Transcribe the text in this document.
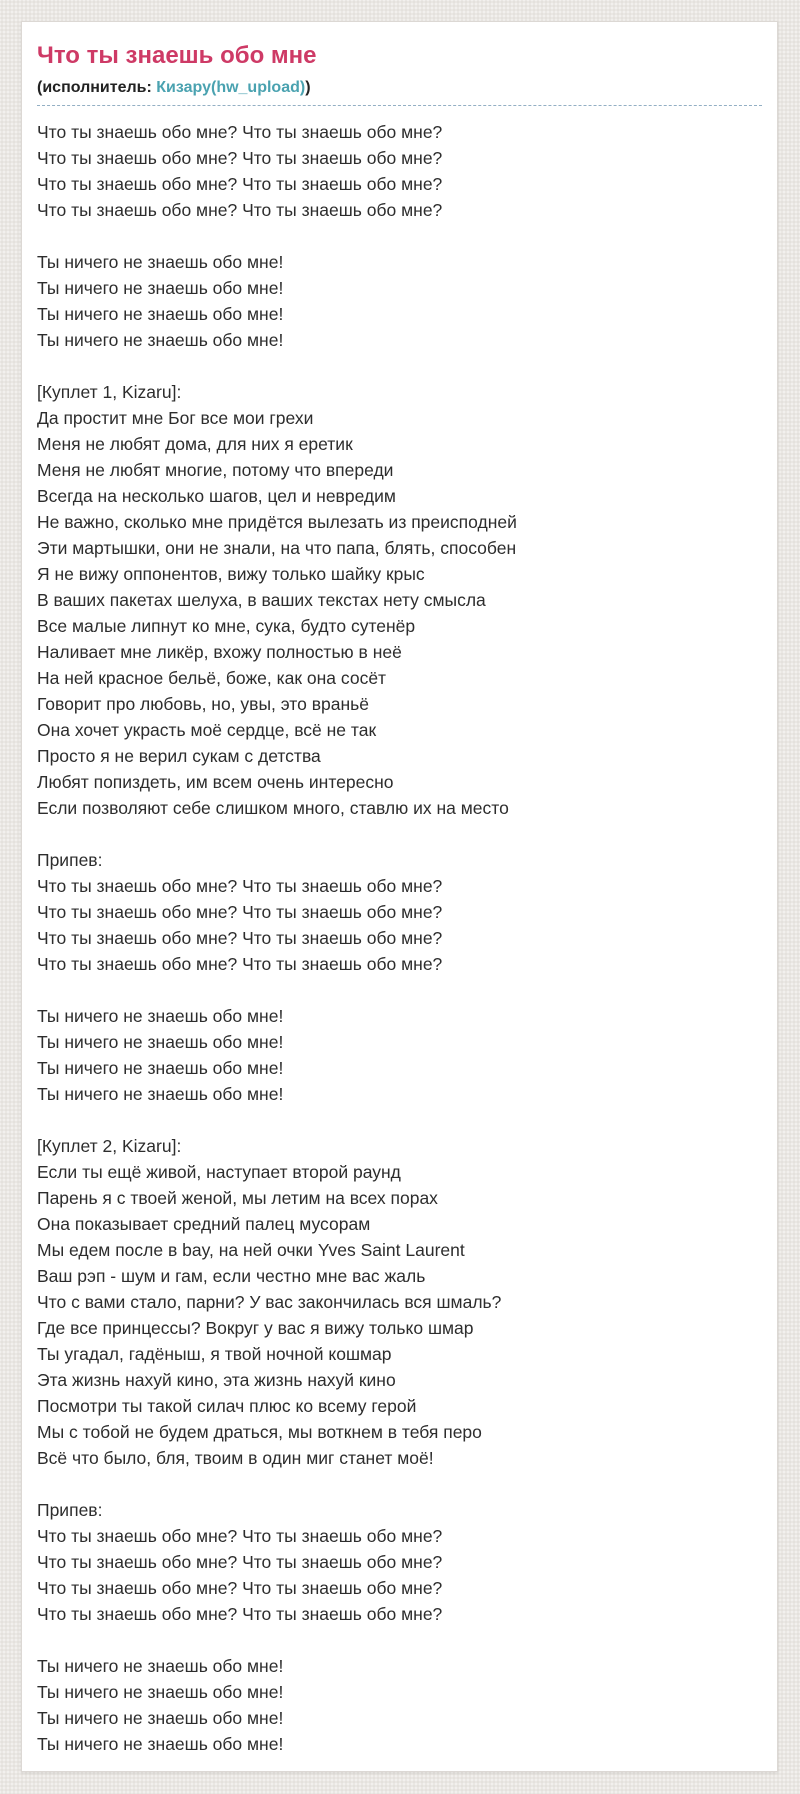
Что ты знаешь обо мне
(исполнитель: Кизару(hw_upload))
Что ты знаешь обо мне? Что ты знаешь обо мне?
Что ты знаешь обо мне? Что ты знаешь обо мне?
Что ты знаешь обо мне? Что ты знаешь обо мне?
Что ты знаешь обо мне? Что ты знаешь обо мне?
Ты ничего не знаешь обо мне!
Ты ничего не знаешь обо мне!
Ты ничего не знаешь обо мне!
Ты ничего не знаешь обо мне!
[Куплет 1, Kizaru]:
Да простит мне Бог все мои грехи
Меня не любят дома, для них я еретик
Меня не любят многие, потому что впереди
Всегда на несколько шагов, цел и невредим
Не важно, сколько мне придётся вылезать из преисподней
Эти мартышки, они не знали, на что папа, блять, способен
Я не вижу оппонентов, вижу только шайку крыс
В ваших пакетах шелуха, в ваших текстах нету смысла
Все малые липнут ко мне, сука, будто сутенёр
Наливает мне ликёр, вхожу полностью в неё
На ней красное бельё, боже, как она сосёт
Говорит про любовь, но, увы, это враньё
Она хочет украсть моё сердце, всё не так
Просто я не верил сукам с детства
Любят попиздеть, им всем очень интересно
Если позволяют себе слишком много, ставлю их на место
Припев:
Что ты знаешь обо мне? Что ты знаешь обо мне?
Что ты знаешь обо мне? Что ты знаешь обо мне?
Что ты знаешь обо мне? Что ты знаешь обо мне?
Что ты знаешь обо мне? Что ты знаешь обо мне?
Ты ничего не знаешь обо мне!
Ты ничего не знаешь обо мне!
Ты ничего не знаешь обо мне!
Ты ничего не знаешь обо мне!
[Куплет 2, Kizaru]:
Если ты ещё живой, наступает второй раунд
Парень я с твоей женой, мы летим на всех порах
Она показывает средний палец мусорам
Мы едем после в bay, на ней очки Yves Saint Laurent
Ваш рэп - шум и гам, если честно мне вас жаль
Что с вами стало, парни? У вас закончилась вся шмаль?
Где все принцессы? Вокруг у вас я вижу только шмар
Ты угадал, гадёныш, я твой ночной кошмар
Эта жизнь нахуй кино, эта жизнь нахуй кино
Посмотри ты такой силач плюс ко всему герой
Мы с тобой не будем драться, мы воткнем в тебя перо
Всё что было, бля, твоим в один миг станет моё!
Припев:
Что ты знаешь обо мне? Что ты знаешь обо мне?
Что ты знаешь обо мне? Что ты знаешь обо мне?
Что ты знаешь обо мне? Что ты знаешь обо мне?
Что ты знаешь обо мне? Что ты знаешь обо мне?
Ты ничего не знаешь обо мне!
Ты ничего не знаешь обо мне!
Ты ничего не знаешь обо мне!
Ты ничего не знаешь обо мне!
